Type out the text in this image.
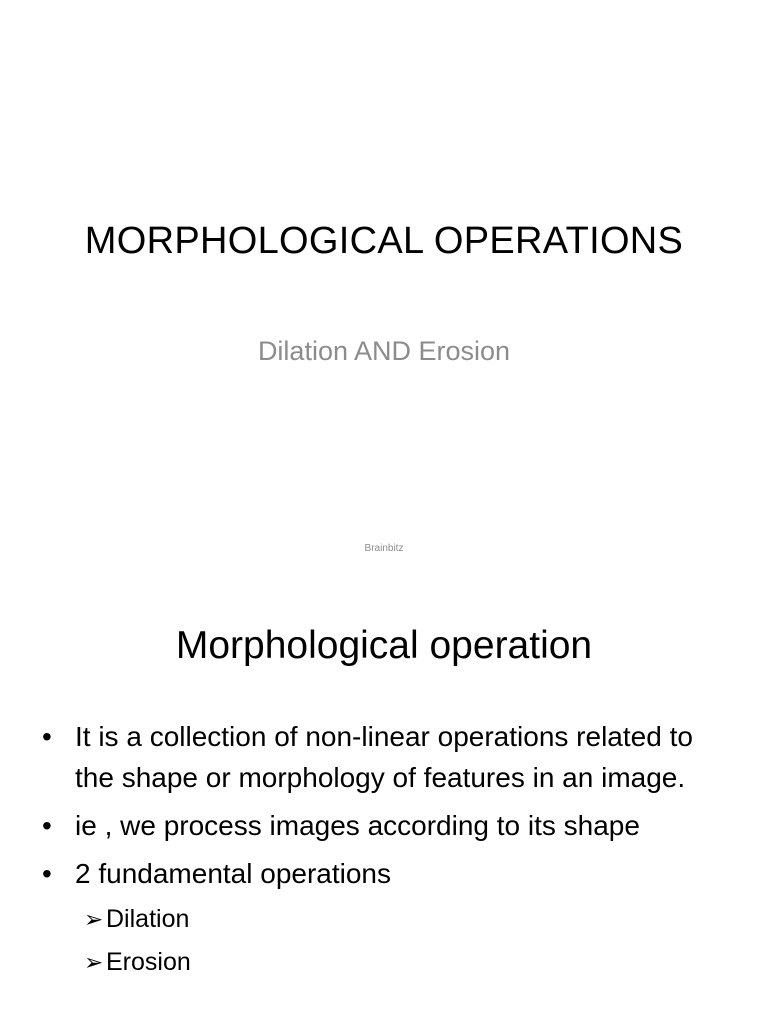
MORPHOLOGICAL OPERATIONS
Dilation AND Erosion
Brainbitz
Morphological operation
• It is a collection of non-linear operations related to the shape or morphology of features in an image.
• ie , we process images according to its shape
• 2 fundamental operations
➢ Dilation
➢ Erosion
